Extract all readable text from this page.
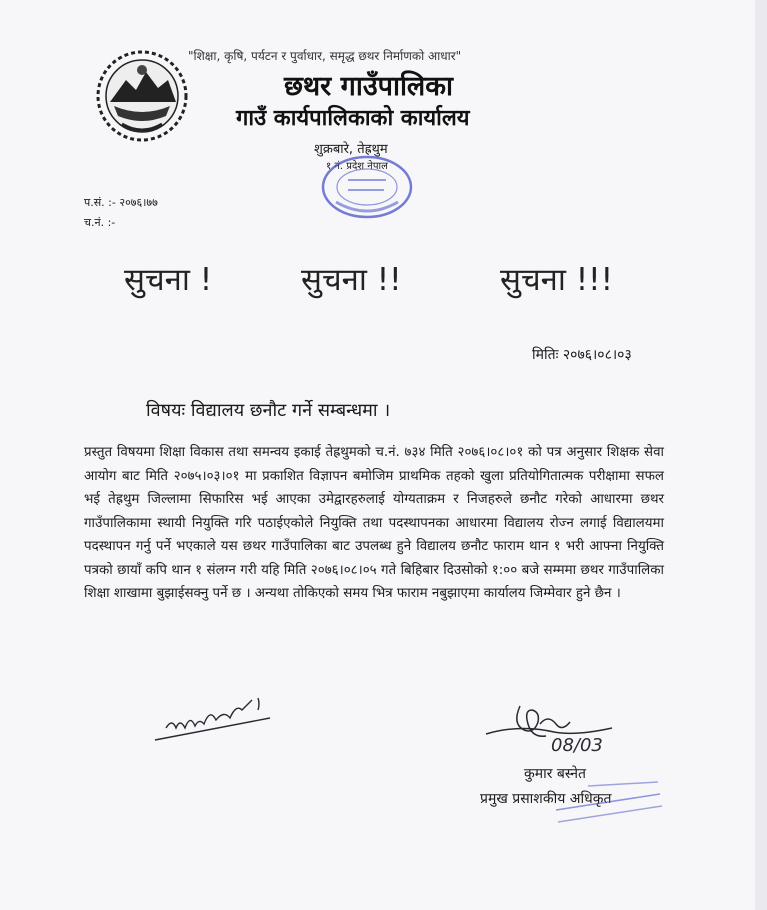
"शिक्षा, कृषि, पर्यटन र पुर्वाधार, समृद्ध छथर निर्माणको आधार"
छथर गाउँपालिका
गाउँ कार्यपालिकाको कार्यालय
शुक्रबारे, तेह्रथुम
१ नं. प्रदेश नेपाल
प.सं. :- २०७६।७७
च.नं. :-
सुचना !	सुचना !!	सुचना !!!
मितिः २०७६।०८।०३
विषयः विद्यालय छनौट गर्ने सम्बन्धमा ।
प्रस्तुत विषयमा शिक्षा विकास तथा समन्वय इकाई तेह्रथुमको च.नं. ७३४ मिति २०७६।०८।०१ को पत्र अनुसार शिक्षक सेवा आयोग बाट मिति २०७५।०३।०१ मा प्रकाशित विज्ञापन बमोजिम प्राथमिक तहको खुला प्रतियोगितात्मक परीक्षामा सफल भई तेह्रथुम जिल्लामा सिफारिस भई आएका उमेद्वारहरुलाई योग्यताक्रम र निजहरुले छनौट गरेको आधारमा छथर गाउँपालिकामा स्थायी नियुक्ति गरि पठाईएकोले नियुक्ति तथा पदस्थापनका आधारमा विद्यालय रोज्न लगाई विद्यालयमा पदस्थापन गर्नु पर्ने भएकाले यस छथर गाउँपालिका बाट उपलब्ध हुने विद्यालय छनौट फाराम थान १ भरी आफ्ना नियुक्ति पत्रको छायाँ कपि थान १ संलग्न गरी यहि मिति २०७६।०८।०५ गते बिहिबार दिउसोको १:०० बजे सम्ममा छथर गाउँपालिका शिक्षा शाखामा बुझाईसक्नु पर्ने छ । अन्यथा तोकिएको समय भित्र फाराम नबुझाएमा कार्यालय जिम्मेवार हुने छैन ।
08/03
कुमार बस्नेत
प्रमुख प्रसाशकीय अधिकृत
